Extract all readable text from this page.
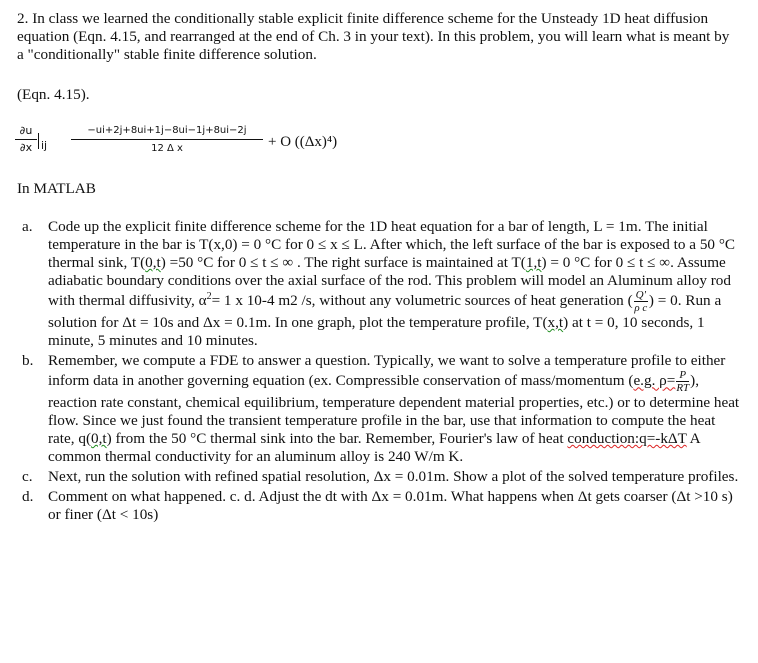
2. In class we learned the conditionally stable explicit finite difference scheme for the Unsteady 1D heat diffusion equation (Eqn. 4.15, and rearranged at the end of Ch. 3 in your text). In this problem, you will learn what is meant by a "conditionally" stable finite difference solution.
(Eqn. 4.15).
$\frac{\partial u}{\partial x}$ ij $\frac{-ui+2j+8ui+1j-8ui-1j+8ui-2j}{\text{12 Δ x}} + O$ ((Δx)⁴)
In MATLAB
a. Code up the explicit finite difference scheme for the 1D heat equation for a bar of length, L = 1m. The initial temperature in the bar is T(x,0) = 0 °C for 0 ≤ x ≤ L. After which, the left surface of the bar is exposed to a 50 °C thermal sink, T(0,t) =50 °C for 0 ≤ t ≤ ∞ . The right surface is maintained at T(1,t) = 0 °C for 0 ≤ t ≤ ∞. Assume adiabatic boundary conditions over the axial surface of the rod. This problem will model an Aluminum alloy rod with thermal diffusivity, $\alpha^2= 1$ x 10-4 m2 /s, without any volumetric sources of heat generation ( $\frac{Q'}{\text{ρ c}}$ ) = 0. Run a solution for Δt = 10s and Δx = 0.1m. In one graph, plot the temperature profile, T(x,t) at t = 0, 10 seconds, 1 minute, 5 minutes and 10 minutes.
b. Remember, we compute a FDE to answer a question. Typically, we want to solve a temperature profile to either inform data in another governing equation (ex. Compressible conservation of mass/momentum (e.g. $\rho= \frac{P}{RT}$ ), reaction rate constant, chemical equilibrium, temperature dependent material properties, etc.) or to determine heat flow. Since we just found the transient temperature profile in the bar, use that information to compute the heat rate, q(0,t) from the 50 °C thermal sink into the bar. Remember, Fourier's law of heat conduction:q=-kΔT A common thermal conductivity for an aluminum alloy is 240 W/m K.
c. Next, run the solution with refined spatial resolution, Δx = 0.01m. Show a plot of the solved temperature profiles.
d. Comment on what happened. c. d. Adjust the dt with Δx = 0.01m. What happens when Δt gets coarser (Δt >10 s) or finer (Δt < 10s)
